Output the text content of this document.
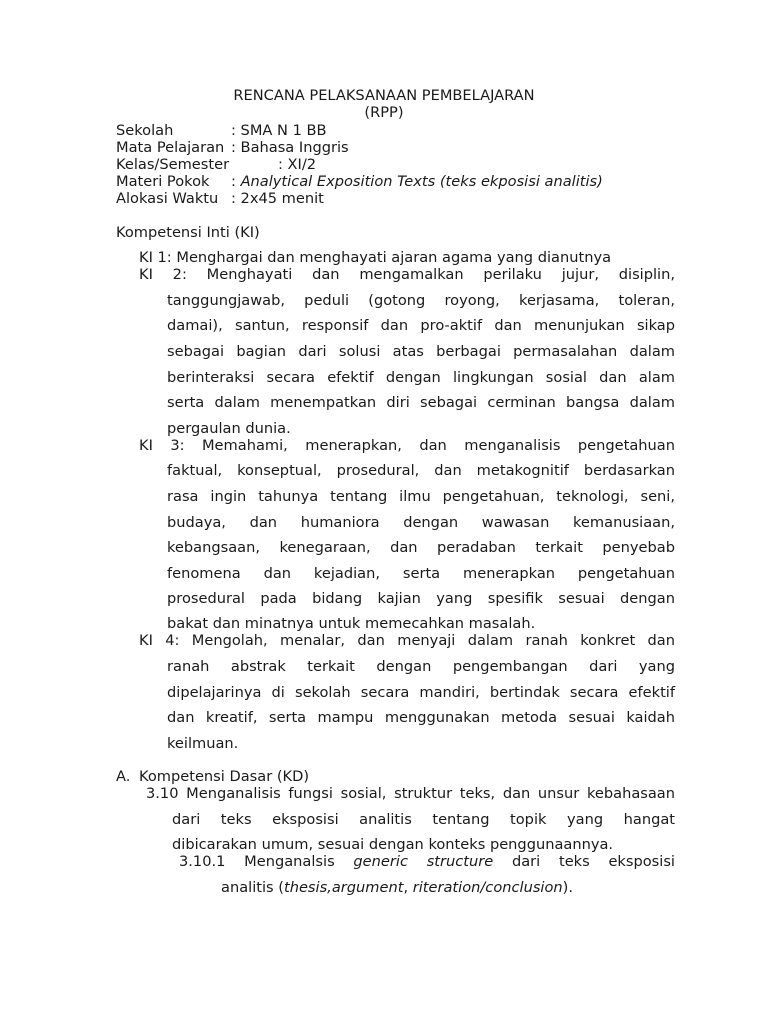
RENCANA PELAKSANAAN PEMBELAJARAN
(RPP)
Sekolah	: SMA N 1 BB
Mata Pelajaran : Bahasa Inggris
Kelas/Semester	: XI/2
Materi Pokok : Analytical Exposition Texts (teks ekposisi analitis)
Alokasi Waktu : 2x45 menit
Kompetensi Inti (KI)
KI 1: Menghargai dan menghayati ajaran agama yang dianutnya
KI 2: Menghayati dan mengamalkan perilaku jujur, disiplin,
tanggungjawab, peduli (gotong royong, kerjasama, toleran,
damai), santun, responsif dan pro-aktif dan menunjukan sikap
sebagai bagian dari solusi atas berbagai permasalahan dalam
berinteraksi secara efektif dengan lingkungan sosial dan alam
serta dalam menempatkan diri sebagai cerminan bangsa dalam
pergaulan dunia.
KI 3: Memahami, menerapkan, dan menganalisis pengetahuan
faktual, konseptual, prosedural, dan metakognitif berdasarkan
rasa ingin tahunya tentang ilmu pengetahuan, teknologi, seni,
budaya, dan humaniora dengan wawasan kemanusiaan,
kebangsaan, kenegaraan, dan peradaban terkait penyebab
fenomena dan kejadian, serta menerapkan pengetahuan
prosedural pada bidang kajian yang spesifik sesuai dengan
bakat dan minatnya untuk memecahkan masalah.
KI 4: Mengolah, menalar, dan menyaji dalam ranah konkret dan
ranah abstrak terkait dengan pengembangan dari yang
dipelajarinya di sekolah secara mandiri, bertindak secara efektif
dan kreatif, serta mampu menggunakan metoda sesuai kaidah
keilmuan.
A. Kompetensi Dasar (KD)
3.10 Menganalisis fungsi sosial, struktur teks, dan unsur kebahasaan
dari teks eksposisi analitis tentang topik yang hangat
dibicarakan umum, sesuai dengan konteks penggunaannya.
3.10.1 Menganalsis generic structure dari teks eksposisi
analitis (thesis,argument, riteration/conclusion).
